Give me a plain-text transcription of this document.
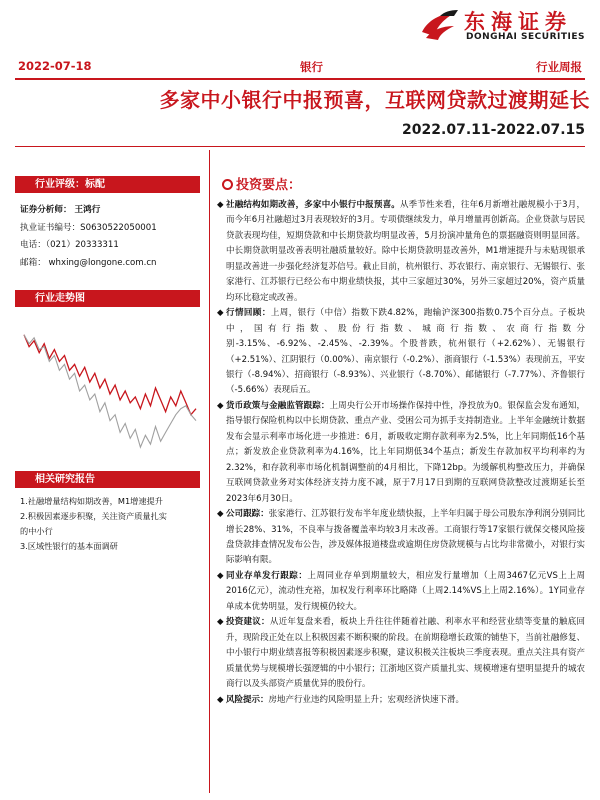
东海证券
DONGHAI SECURITIES
2022-07-18	银行	行业周报
多家中小银行中报预喜，互联网贷款过渡期延长
2022.07.11-2022.07.15
行业评级：标配
证券分析师： 王鸿行
执业证书编号：S0630522050001
电话：（021）20333311
邮箱： whxing@longone.com.cn
行业走势图
相关研究报告
1.社融增量结构如期改善，M1增速提升
2.积极因素逐步积聚，关注资产质量扎实
的中小行
3.区域性银行的基本面调研
投资要点：
◆ 社融结构如期改善，多家中小银行中报预喜。从季节性来看，往年6月新增社融规模小于3月，而今年6月社融超过3月表现较好的3月。专项债继续发力，单月增量再创新高。企业贷款与居民贷款表现均佳，短期贷款和中长期贷款均明显改善，5月扮演冲量角色的票据融资则明显回落。中长期贷款明显改善表明社融质量较好。除中长期贷款明显改善外，M1增速提升与未贴现银承明显改善进一步强化经济复苏信号。截止目前，杭州银行、苏农银行、南京银行、无锡银行、张家港行、江苏银行已经公布中期业绩快报，其中三家超过30%，另外三家超过20%，资产质量均环比稳定或改善。
◆ 行情回顾：上周，银行（中信）指数下跌4.82%，跑输沪深300指数0.75个百分点。子板块中，国有行指数、股份行指数、城商行指数、农商行指数分别-3.15%、-6.92%、-2.45%、-2.39%。个股普跌，杭州银行（+2.62%）、无锡银行（+2.51%）、江阴银行（0.00%）、南京银行（-0.2%）、浙商银行（-1.53%）表现前五，平安银行（-8.94%）、招商银行（-8.93%）、兴业银行（-8.70%）、邮储银行（-7.77%）、齐鲁银行（-5.66%）表现后五。
◆ 货币政策与金融监管跟踪：上周央行公开市场操作保持中性，净投放为0。银保监会发布通知，指导银行保险机构以中长期贷款、重点产业、受困公司为抓手支持制造业。上半年金融统计数据发布会显示利率市场化进一步推进：6月，新吸收定期存款利率为2.5%，比上年同期低16个基点；新发放企业贷款利率为4.16%，比上年同期低34个基点；新发生存款加权平均利率约为2.32%，和存款利率市场化机制调整前的4月相比，下降12bp。为缓解机构整改压力，并确保互联网贷款业务对实体经济支持力度不减，原于7月17日到期的互联网贷款整改过渡期延长至2023年6月30日。
◆ 公司跟踪：张家港行、江苏银行发布半年度业绩快报，上半年归属于母公司股东净利润分别同比增长28%、31%，不良率与拨备覆盖率均较3月末改善。工商银行等17家银行就保交楼风险接盘贷款排查情况发布公告，涉及媒体报道楼盘或逾期住房贷款规模与占比均非常微小，对银行实际影响有限。
◆ 同业存单发行跟踪：上周同业存单到期量较大，相应发行量增加（上周3467亿元VS上上周2016亿元），流动性充裕，加权发行利率环比略降（上周2.14%VS上上周2.16%）。1Y同业存单成本优势明显，发行规模仍较大。
◆ 投资建议：从近年复盘来看，板块上升往往伴随着社融、利率水平和经营业绩等变量的触底回升，现阶段正处在以上积极因素不断积聚的阶段。在前期稳增长政策的铺垫下，当前社融修复、中小银行中期业绩喜报等积极因素逐步积聚，建议积极关注板块三季度表现。重点关注具有资产质量优势与规模增长强逻辑的中小银行；江浙地区资产质量扎实、规模增速有望明显提升的城农商行以及头部资产质量优异的股份行。
◆ 风险提示：房地产行业违约风险明显上升；宏观经济快速下滑。
